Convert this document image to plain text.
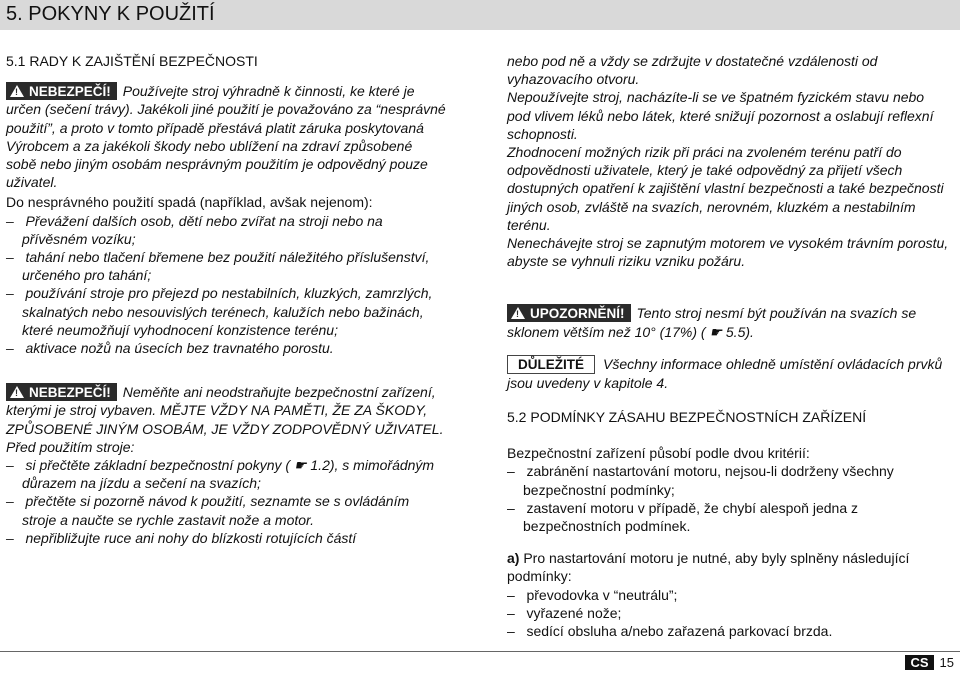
5. POKYNY K POUŽITÍ

5.1 RADY K ZAJIŠTĚNÍ BEZPEČNOSTI

! NEBEZPEČÍ! Používejte stroj výhradně k činnosti, ke které je určen (sečení trávy). Jakékoli jiné použití je považováno za “nesprávné použití”, a proto v tomto případě přestává platit záruka poskytovaná Výrobcem a za jakékoli škody nebo ublížení na zdraví způsobené sobě nebo jiným osobám nesprávným použitím je odpovědný pouze uživatel.

Do nesprávného použití spadá (například, avšak nejenom):

–   Převážení dalších osob, dětí nebo zvířat na stroji nebo na přívěsném vozíku;

–   tahání nebo tlačení břemene bez použití náležitého příslušenství, určeného pro tahání;

–   používání stroje pro přejezd po nestabilních, kluzkých, zamrzlých, skalnatých nebo nesouvislých terénech, kalužích nebo bažinách, které neumožňují vyhodnocení konzistence terénu;

–   aktivace nožů na úsecích bez travnatého porostu.

! NEBEZPEČÍ! Neměňte ani neodstraňujte bezpečnostní zařízení, kterými je stroj vybaven. MĚJTE VŽDY NA PAMĚTI, ŽE ZA ŠKODY, ZPŮSOBENÉ JINÝM OSOBÁM, JE VŽDY ZODPOVĚDNÝ UŽIVATEL. Před použitím stroje:

–   si přečtěte základní bezpečnostní pokyny ( ☛ 1.2), s mimořádným důrazem na jízdu a sečení na svazích;

–   přečtěte si pozorně návod k použití, seznamte se s ovládáním stroje a naučte se rychle zastavit nože a motor.

–   nepřibližujte ruce ani nohy do blízkosti rotujících částí

nebo pod ně a vždy se zdržujte v dostatečné vzdálenosti od vyhazovacího otvoru.

Nepoužívejte stroj, nacházíte-li se ve špatném fyzickém stavu nebo pod vlivem léků nebo látek, které snižují pozornost a oslabují reflexní schopnosti.

Zhodnocení možných rizik při práci na zvoleném terénu patří do odpovědnosti uživatele, který je také odpovědný za přijetí všech dostupných opatření k zajištění vlastní bezpečnosti a také bezpečnosti jiných osob, zvláště na svazích, nerovném, kluzkém a nestabilním terénu.

Nenechávejte stroj se zapnutým motorem ve vysokém trávním porostu, abyste se vyhnuli riziku vzniku požáru.

! UPOZORNĚNÍ! Tento stroj nesmí být používán na svazích se sklonem větším než 10° (17%) ( ☛ 5.5).

DŮLEŽITÉ Všechny informace ohledně umístění ovládacích prvků jsou uvedeny v kapitole 4.

5.2 PODMÍNKY ZÁSAHU BEZPEČNOSTNÍCH ZAŘÍZENÍ

Bezpečnostní zařízení působí podle dvou kritérií:

–   zabránění nastartování motoru, nejsou-li dodrženy všechny bezpečnostní podmínky;

–   zastavení motoru v případě, že chybí alespoň jedna z bezpečnostních podmínek.

a) Pro nastartování motoru je nutné, aby byly splněny následující podmínky:

–   převodovka v “neutrálu”;

–   vyřazené nože;

–   sedící obsluha a/nebo zařazená parkovací brzda.

CS 15
